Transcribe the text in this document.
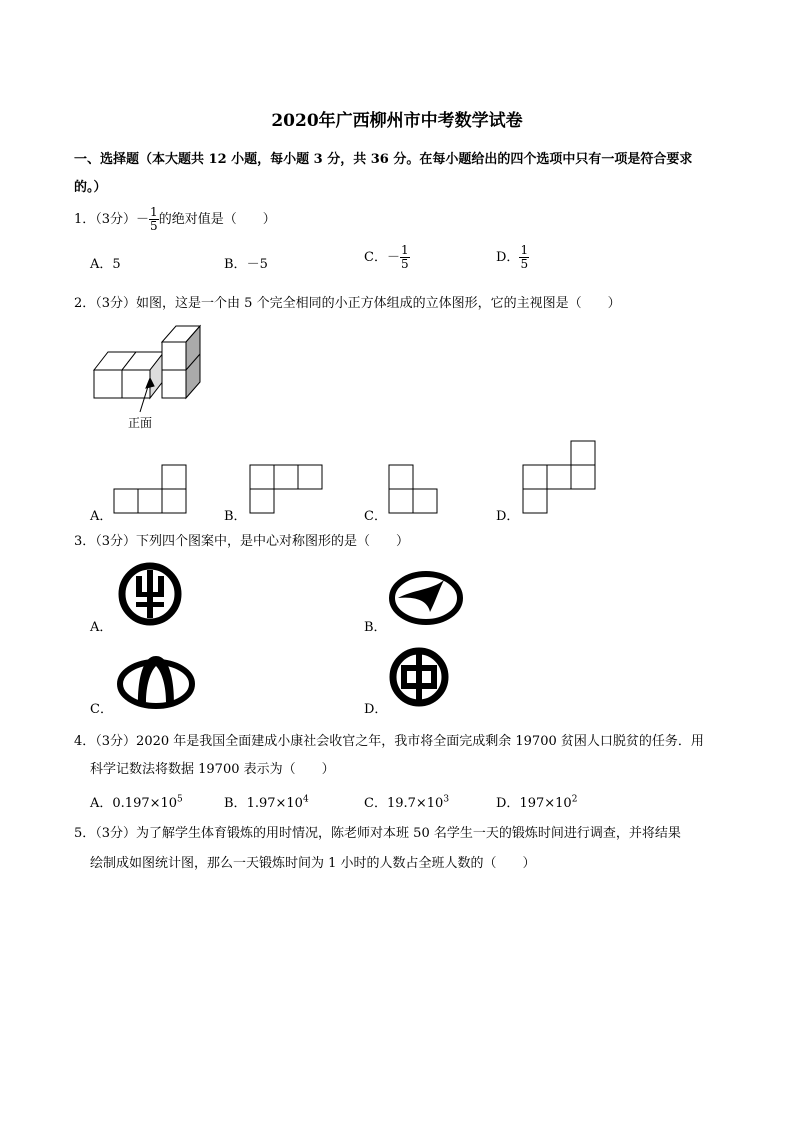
2020年广西柳州市中考数学试卷
一、选择题（本大题共 12 小题，每小题 3 分，共 36 分。在每小题给出的四个选项中只有一项是符合要求
的。）
1．（3分）－ $\frac{1}{5}$ 的绝对值是（　　）
A．5	B．－5	C．－ $\frac{1}{5}$	D． $\frac{1}{5}$
2．（3分）如图，这是一个由 5 个完全相同的小正方体组成的立体图形，它的主视图是（　　）
正面
A．	B．	C．	D．
3．（3分）下列四个图案中，是中心对称图形的是（　　）
A．	B．
C．	D．
4．（3分）2020 年是我国全面建成小康社会收官之年，我市将全面完成剩余 19700 贫困人口脱贫的任务．用
科学记数法将数据 19700 表示为（　　）
A．$0.197\times 10^5$	B．$1.97\times 10^4$	C．$19.7\times 10^3$	D．$197\times 10^2$
5．（3分）为了解学生体育锻炼的用时情况，陈老师对本班 50 名学生一天的锻炼时间进行调查，并将结果
绘制成如图统计图，那么一天锻炼时间为 1 小时的人数占全班人数的（　　）
